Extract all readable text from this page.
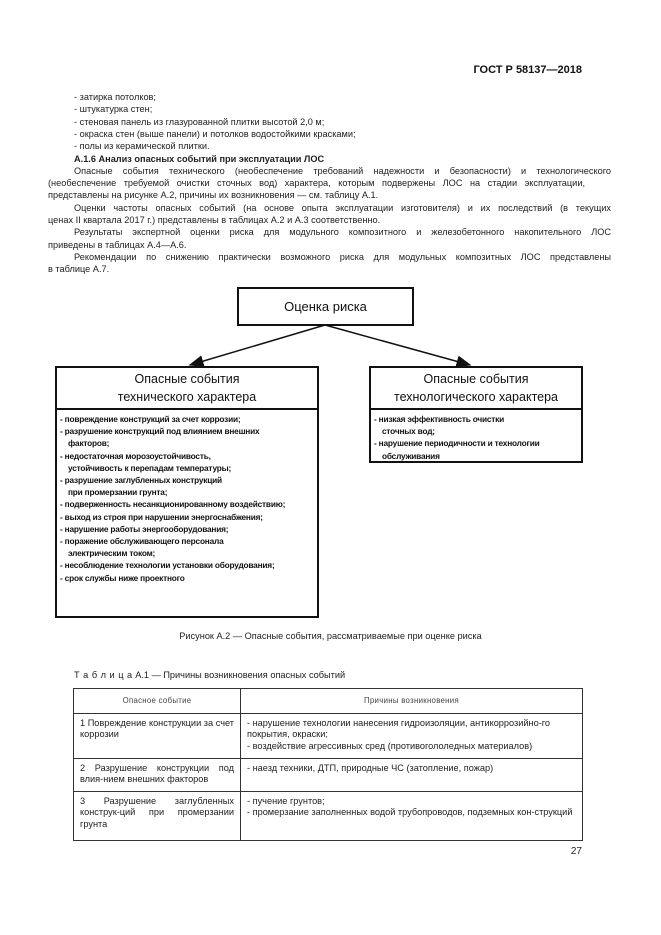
ГОСТ Р 58137—2018
- затирка потолков;
- штукатурка стен;
- стеновая панель из глазурованной плитки высотой 2,0 м;
- окраска стен (выше панели) и потолков водостойкими красками;
- полы из керамической плитки.
А.1.6 Анализ опасных событий при эксплуатации ЛОС
Опасные события технического (необеспечение требований надежности и безопасности) и технологического
(необеспечение требуемой очистки сточных вод) характера, которым подвержены ЛОС на стадии эксплуатации,
представлены на рисунке А.2, причины их возникновения — см. таблицу А.1.
Оценки частоты опасных событий (на основе опыта эксплуатации изготовителя) и их последствий (в текущих
ценах II квартала 2017 г.) представлены в таблицах А.2 и А.3 соответственно.
Результаты экспертной оценки риска для модульного композитного и железобетонного накопительного ЛОС
приведены в таблицах А.4—А.6.
Рекомендации по снижению практически возможного риска для модульных композитных ЛОС представлены
в таблице А.7.
Оценка риска
Опасные события
технического характера
- повреждение конструкций за счет коррозии;
- разрушение конструкций под влиянием внешних
факторов;
- недостаточная морозоустойчивость,
устойчивость к перепадам температуры;
- разрушение заглубленных конструкций
при промерзании грунта;
- подверженность несанкционированному воздействию;
- выход из строя при нарушении энергоснабжения;
- нарушение работы энергооборудования;
- поражение обслуживающего персонала
электрическим током;
- несоблюдение технологии установки оборудования;
- срок службы ниже проектного
Опасные события
технологического характера
- низкая эффективность очистки
сточных вод;
- нарушение периодичности и технологии
обслуживания
Рисунок А.2 — Опасные события, рассматриваемые при оценке риска
Т а б л и ц а А.1 — Причины возникновения опасных событий
Опасное событие	Причины возникновения
1 Повреждение конструкции за счет коррозии	- нарушение технологии нанесения гидроизоляции, антикоррозийно-го покрытия, окраски;
- воздействие агрессивных сред (противогололедных материалов)

2 Разрушение конструкции под влия-нием внешних факторов	- наезд техники, ДТП, природные ЧС (затопление, пожар)

3 Разрушение заглубленных конструк-ций при промерзании грунта	- пучение грунтов;
- промерзание заполненных водой трубопроводов, подземных кон-струкций
27
